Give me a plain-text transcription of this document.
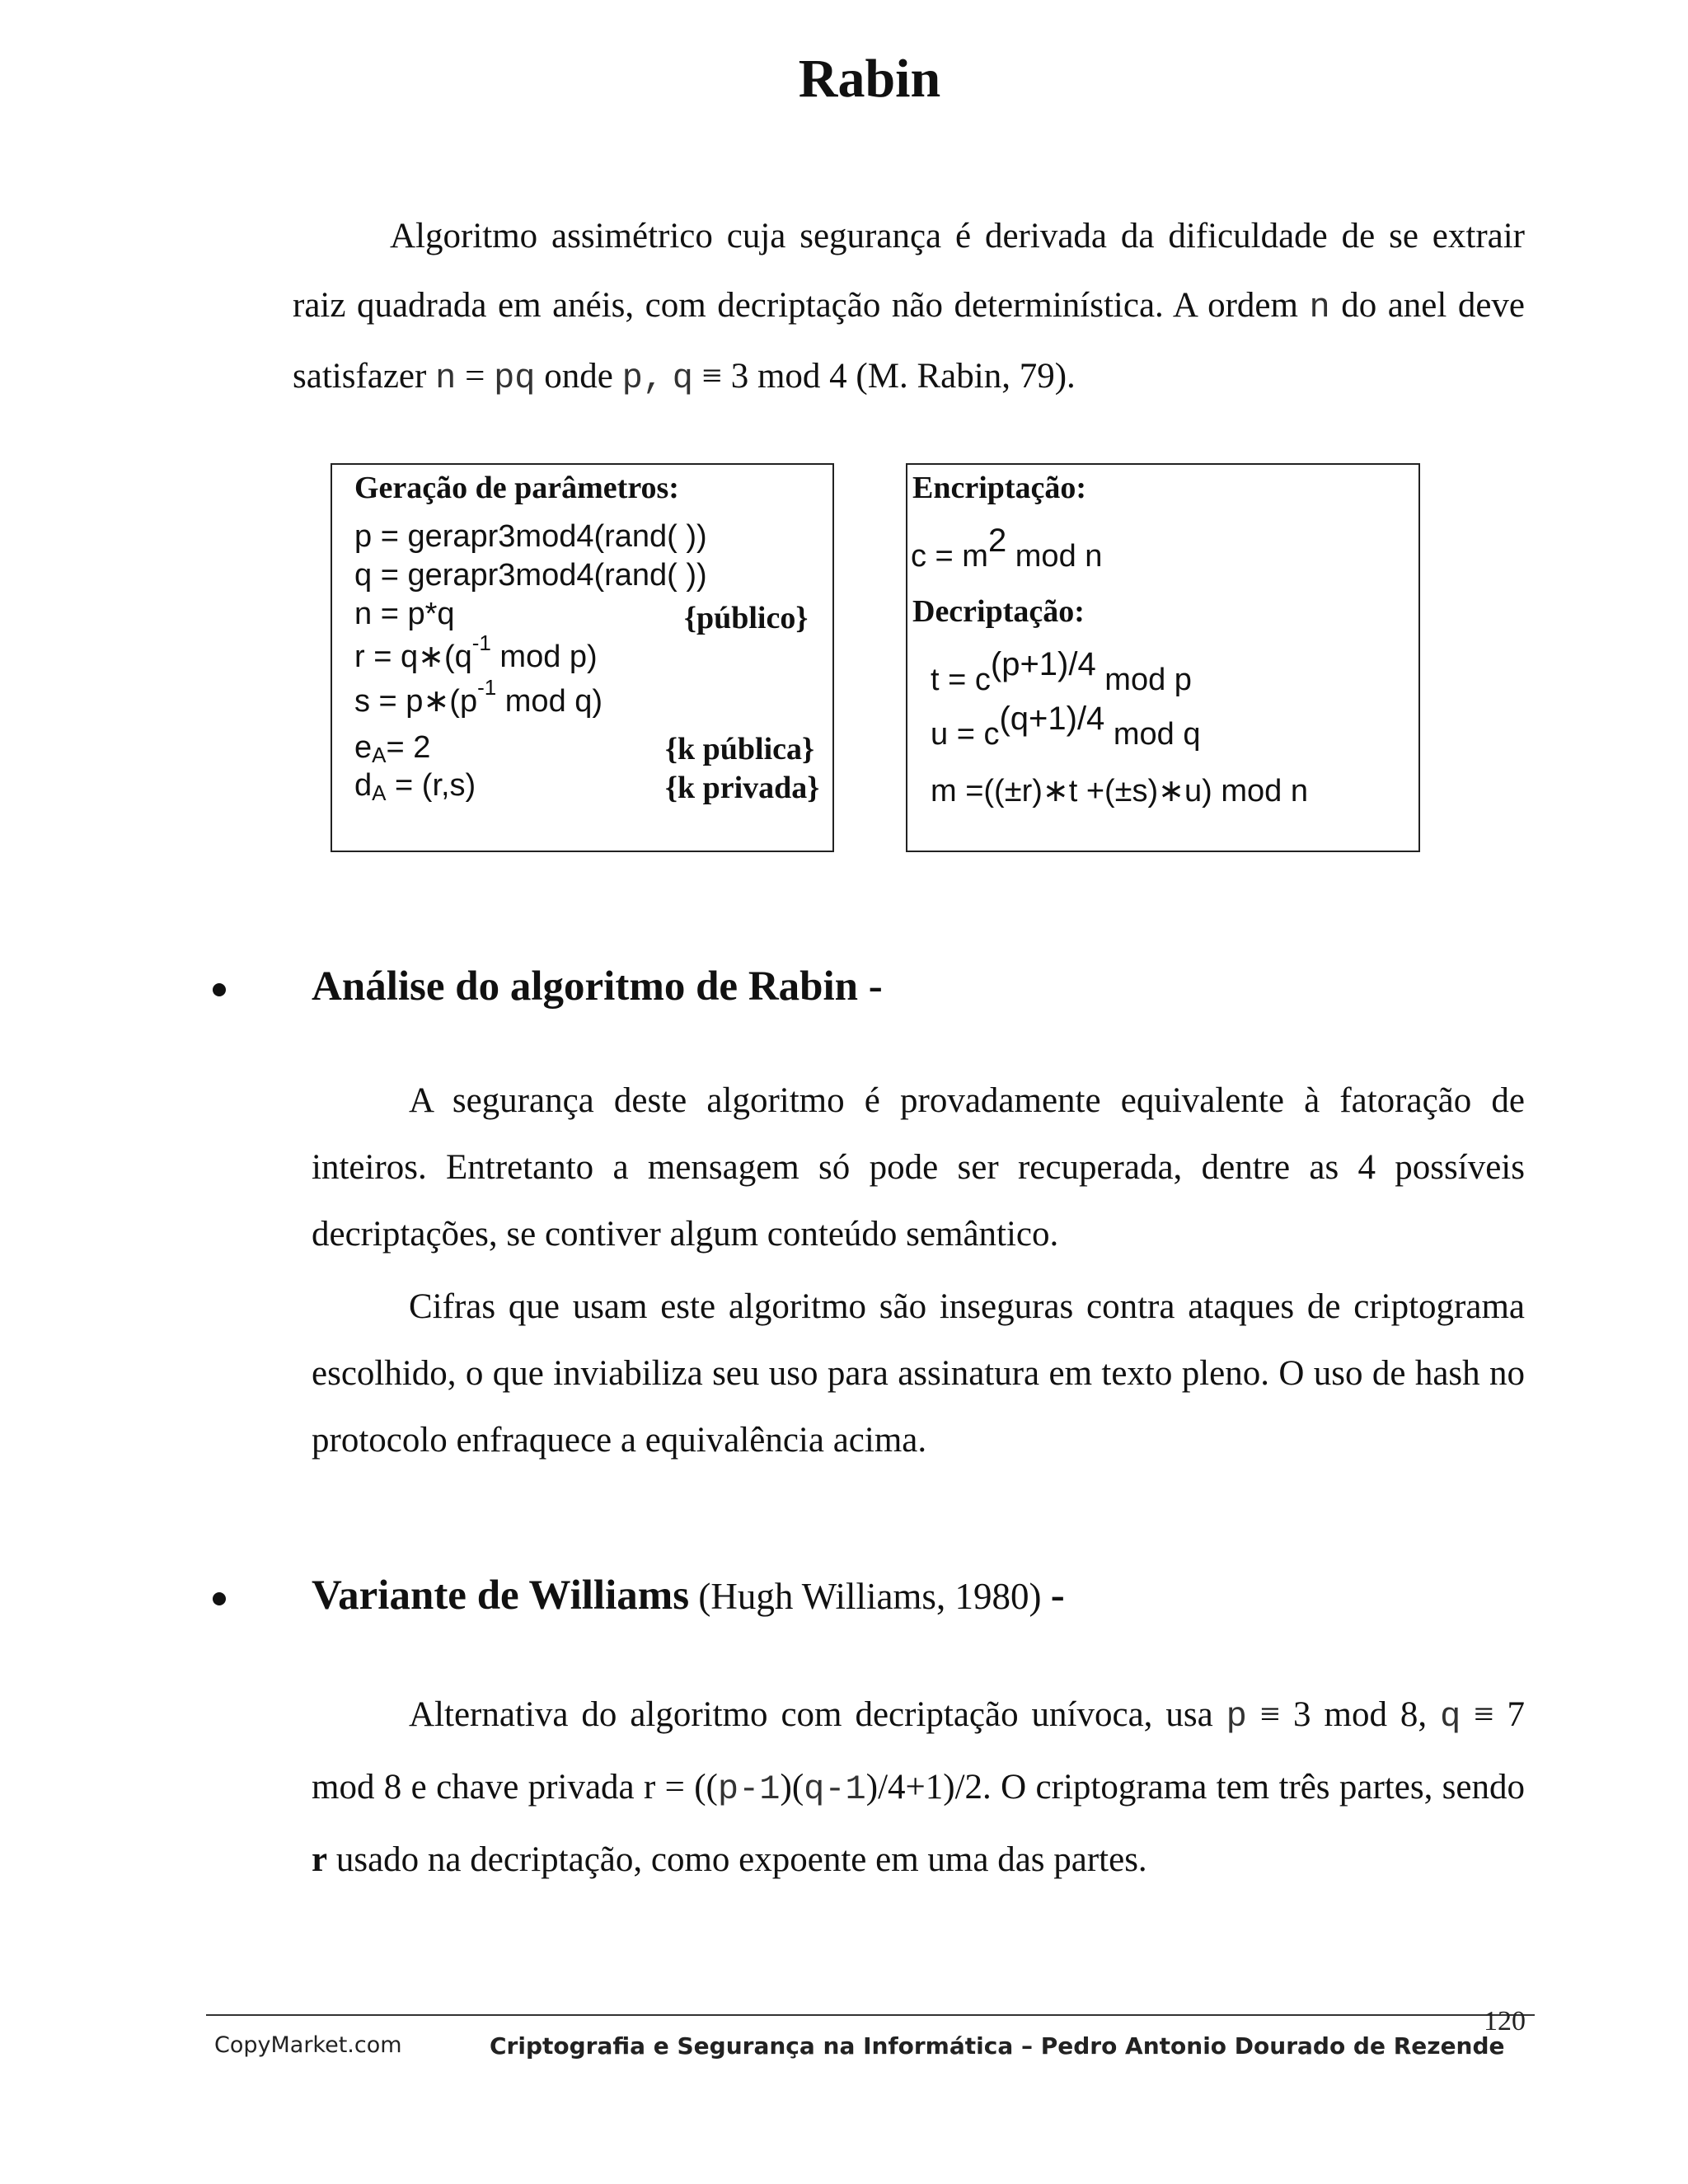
Rabin

Algoritmo assimétrico cuja segurança é derivada da dificuldade de se extrair raiz quadrada em anéis, com decriptação não determinística. A ordem n do anel deve satisfazer n = pq onde p, q ≡ 3 mod 4 (M. Rabin, 79).

Geração de parâmetros:
p = gerapr3mod4(rand( ))
q = gerapr3mod4(rand( ))
n = p*q	{público}
$r = q∗(q^{-1}$ mod p)
$s = p∗(p^{-1}$ mod q)
$e_A= 2$	{k pública}
$d_A = (r,s)$	{k privada}
Encriptação:
$c = m^2$ mod n
Decriptação:
$t = c^{(p+1)/4}$ mod p
$u = c^{(q+1)/4}$ mod q
m =((±r)∗t +(±s)∗u) mod n
Análise do algoritmo de Rabin -

A segurança deste algoritmo é provadamente equivalente à fatoração de inteiros. Entretanto a mensagem só pode ser recuperada, dentre as 4 possíveis decriptações, se contiver algum conteúdo semântico.

Cifras que usam este algoritmo são inseguras contra ataques de criptograma escolhido, o que inviabiliza seu uso para assinatura em texto pleno. O uso de hash no protocolo enfraquece a equivalência acima.

Variante de Williams (Hugh Williams, 1980) -

Alternativa do algoritmo com decriptação unívoca, usa p ≡ 3 mod 8, q ≡ 7 mod 8 e chave privada r = ((p-1)(q-1)/4+1)/2. O criptograma tem três partes, sendo r usado na decriptação, como expoente em uma das partes.

120
CopyMarket.com	Criptografia e Segurança na Informática – Pedro Antonio Dourado de Rezende
